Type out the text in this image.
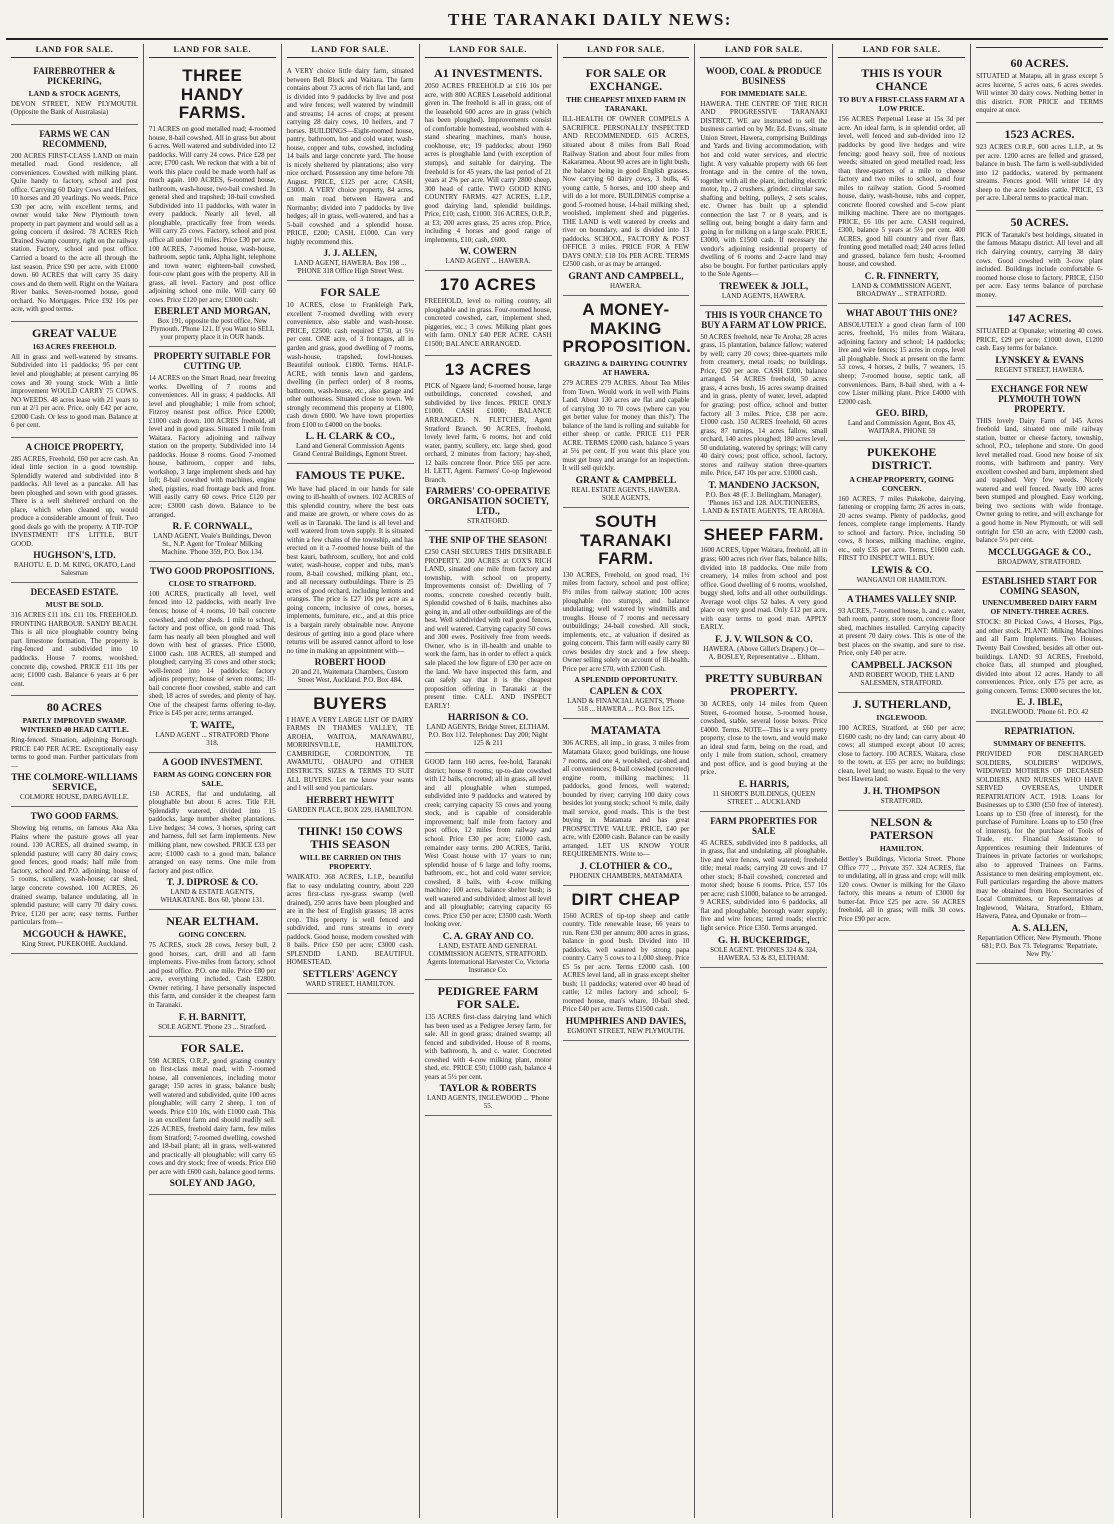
THE TARANAKI DAILY NEWS:
LAND FOR SALE.
FAIREBROTHER & PICKERING,
LAND & STOCK AGENTS,
DEVON STREET, NEW PLYMOUTH. (Opposite the Bank of Australasia)
FARMS WE CAN RECOMMEND,
200 ACRES FIRST-CLASS LAND on main metalled road. Good residence, all conveniences. Cowshed with milking plant. Quite handy to factory, school and post office. Carrying 60 Dairy Cows and Heifers, 10 horses and 20 yearlings. No weeds. Price £30 per acre, with excellent terms, and owner would take New Plymouth town property in part payment and would sell as a going concern if desired. 78 ACRES Rich Drained Swamp country, right on the railway station. Factory, school and post office. Carried a board to the acre all through the last season. Price £90 per acre, with £1000 down. 60 ACRES that will carry 35 dairy cows and do them well. Right on the Waitara River banks. Seven-roomed house, good orchard. No Mortgages. Price £92 10s per acre, with good terms.
GREAT VALUE
163 ACRES FREEHOLD.
All in grass and well-watered by streams. Subdivided into 11 paddocks; 95 per cent level and ploughable; at present carrying 86 cows and 30 young stock. With a little improvement WOULD CARRY 75 COWS. NO WEEDS. 48 acres lease with 21 years to run at 2/1 per acre. Price, only £42 per acre, £2000 Cash. Or less to good man. Balance at 6 per cent.
A CHOICE PROPERTY,
285 ACRES, Freehold, £60 per acre cash. An ideal little section in a good township. Splendidly watered and subdivided into 8 paddocks. All level as a pancake. All has been ploughed and sown with good grasses. There is a well sheltered orchard on the place, which when cleaned up, would produce a considerable amount of fruit. Two good deals go with the property. A TIP-TOP INVESTMENT! IT'S LITTLE, BUT GOOD.
HUGHSON'S, LTD.
RAHOTU. E. D. M. KING, OKATO, Land Salesman
DECEASED ESTATE.
MUST BE SOLD.
316 ACRES £11 10s. £11 10s. FREEHOLD. FRONTING HARBOUR. SANDY BEACH. This is all nice ploughable country being part limestone formation. The property is ring-fenced and subdivided into 10 paddocks. House 7 rooms, woolshed, concrete dip, cowshed. PRICE £11 10s per acre; £1000 cash. Balance 6 years at 6 per cent.
80 ACRES
PARTLY IMPROVED SWAMP. WINTERED 40 HEAD CATTLE.
Ring-fenced. Situation, adjoining Borough. PRICE £40 PER ACRE. Exceptionally easy terms to good man. Further particulars from—
THE COLMORE-WILLIAMS SERVICE,
COLMORE HOUSE, DARGAVILLE.
TWO GOOD FARMS.
Showing big returns, on famous Aka Aka Plains where the pasture grows all year round. 130 ACRES, all drained swamp, in splendid pasture; will carry 80 dairy cows; good fences, good roads; half mile from factory, school and P.O. adjoining; house of 5 rooms, scullery, wash-house; car shed, large concrete cowshed. 100 ACRES, 26 drained swamp, balance undulating, all in splendid pasture; will carry 70 dairy cows. Price, £120 per acre; easy terms. Further particulars from—
MCGOUCH & HAWKE,
King Street, PUKEKOHE. Auckland.
LAND FOR SALE.
THREE HANDY FARMS.
71 ACRES on good metalled road; 4-roomed house, 8-bail cowshed. All in grass but about 6 acres. Well watered and subdivided into 12 paddocks. Will carry 24 cows. Price £28 per acre; £700 cash. We reckon that with a bit of work this place could be made worth half as much again. 100 ACRES, 6-roomed house, bathroom, wash-house, two-bail cowshed. In general shed and trapshed; 18-bail cowshed. Subdivided into 11 paddocks, with water in every paddock. Nearly all level, all ploughable, practically free from weeds. Will carry 25 cows. Factory, school and post office all under 1½ miles. Price £30 per acre. 100 ACRES, 7-roomed house, wash-house, bathroom, septic tank, Alpha light, telephone and town water; eighteen-bail cowshed, four-cow plant goes with the property. All in grass, all level. Factory and post office adjoining school one mile. Will carry 60 cows. Price £120 per acre; £3000 cash.
EBERLET AND MORGAN,
Box 191, opposite the post office, New Plymouth. 'Phone 121. If you Want to SELL your property place it in OUR hands.
PROPERTY SUITABLE FOR CUTTING UP.
14 ACRES on the Smart Road, near freezing works. Dwelling of 7 rooms and conveniences. All in grass; 4 paddocks. All level and ploughable; 1 mile from school; Fitzroy nearest post office. Price £2000; £1000 cash down. 100 ACRES freehold, all level and in good grass. Situated 1 mile from Waitara. Factory adjoining and railway station on the property. Subdivided into 14 paddocks. House 8 rooms. Good 7-roomed house, bathroom, copper and tubs, workshop, 3 large implement sheds and hay loft; 8-bail cowshed with machines, engine shed, pigsties, road frontage back and front. Will easily carry 60 cows. Price £120 per acre; £3000 cash down. Balance to be arranged.
R. F. CORNWALL,
LAND AGENT, Veale's Buildings, Devon St., N.P. Agent for 'Trolear' Milking Machine. 'Phone 359, P.O. Box 134.
TWO GOOD PROPOSITIONS.
CLOSE TO STRATFORD.
100 ACRES, practically all level, well fenced into 12 paddocks, with nearly live fences; house of 4 rooms, 10 bail concrete cowshed, and other sheds. 1 mile to school, factory and post office, on good road. This farm has nearly all been ploughed and well down with best of grasses. Price £5000, £1000 cash. 108 ACRES, all stumped and ploughed; carrying 35 cows and other stock; well-fenced into 14 paddocks; factory adjoins property; house of seven rooms; 10-bail concrete floor cowshed, stable and cart shed; 18 acres of swedes, and plenty of hay. One of the cheapest farms offering to-day. Price is £45 per acre; terms arranged.
T. WAITE,
LAND AGENT ... STRATFORD 'Phone 318.
A GOOD INVESTMENT.
FARM AS GOING CONCERN FOR SALE.
150 ACRES, flat and undulating, all ploughable but about 6 acres. Title F.H. Splendidly watered, divided into 15 paddocks, large number shelter plantations. Live hedges; 34 cows, 3 horses, spring cart and harness, full set farm implements. New milking plant, new cowshed. PRICE £33 per acre; £1000 cash to a good man, balance arranged on easy terms. One mile from factory and post office.
T. J. DIPROSE & CO.
LAND & ESTATE AGENTS, WHAKATANE. Box 60, 'phone 131.
NEAR ELTHAM.
GOING CONCERN.
75 ACRES, stock 28 cows, Jersey bull, 2 good horses, cart, drill and all farm implements. Five-miles from factory, school and post office. P.O. one mile. Price £80 per acre, everything included. Cash £2800. Owner retiring. I have personally inspected this farm, and consider it the cheapest farm in Taranaki.
F. H. BARNITT,
SOLE AGENT. 'Phone 23 ... Stratford.
FOR SALE.
598 ACRES, O.R.P., good grazing country on first-class metal road, with 7-roomed house, all conveniences, including motor garage; 150 acres in grass, balance bush; well watered and subdivided, quite 100 acres ploughable; will carry 2 sheep, 1 ton of weeds. Price £10 10s, with £1000 cash. This is an excellent farm and should readily sell. 226 ACRES, freehold dairy farm, few miles from Stratford; 7-roomed dwelling, cowshed and 18-bail plant; all in grass, well-watered and practically all ploughable; will carry 65 cows and dry stock; free of weeds. Price £60 per acre with £600 cash, balance good terms.
SOLEY AND JAGO,
LAND FOR SALE.
A VERY choice little dairy farm, situated between Bell Block and Waitara. The farm contains about 73 acres of rich flat land, and is divided into 9 paddocks by live and post and wire fences; well watered by windmill and streams; 14 acres of crops; at present carrying 28 dairy cows, 10 heifers, and 7 horses. BUILDINGS—Eight-roomed house, pantry, bathroom, hot and cold water, wash-house, copper and tubs, cowshed, including 14 bails and large concrete yard. The house is nicely sheltered by plantations; also very nice orchard. Possession any time before 7th August. PRICE, £125 per acre; CASH, £3000. A VERY choice property, 84 acres, on main road between Hawera and Normanby; divided into 7 paddocks by live hedges; all in grass, well-watered, and has a 5-bail cowshed and a splendid house. PRICE, £200; CASH, £1000. Can very highly recommend this.
J. J. ALLEN,
LAND AGENT, HAWERA. Box 198 ... 'PHONE 318 Office High Street West.
FOR SALE
10 ACRES, close to Frankleigh Park, excellent 7-roomed dwelling with every convenience, also stable and wash-house. PRICE, £2500; cash required £750, at 5½ per cent. ONE acre, of 3 frontages, all in garden and grass, good dwelling of 7 rooms, wash-house, trapshed, fowl-houses. Beautiful outlook. £1800. Terms. HALF-ACRE, with tennis lawn and gardens, dwelling (in perfect order) of 8 rooms, bathroom, wash-house, etc., also garage and other outhouses. Situated close to town. We strongly recommend this property at £1800, cash down £600. We have town properties from £100 to £4000 on the books.
L. H. CLARK & CO.,
Land and General Commission Agents Grand Central Buildings, Egmont Street.
FAMOUS TE PUKE.
We have had placed in our hands for sale owing to ill-health of owners. 102 ACRES of this splendid country, where the best oats and maize are grown, or where cows do as well as in Taranaki. The land is all level and well watered from town supply. It is situated within a few chains of the township, and has erected on it a 7-roomed house built of the best kauri, bathroom, scullery, hot and cold water, wash-house, copper and tubs, man's room, 8-bail cowshed, milking plant, etc., and all necessary outbuildings. There is 25 acres of good orchard, including lemons and oranges. The price is £27 10s per acre as a going concern, inclusive of cows, horses, implements, furniture, etc., and at this price is a bargain rarely obtainable now. Anyone desirous of getting into a good place where returns will be assured cannot afford to lose no time in making an appointment with—
ROBERT HOOD
20 and 21, Waitemata Chambers, Custom Street West, Auckland. P.O. Box 484.
BUYERS
I HAVE A VERY LARGE LIST OF DAIRY FARMS IN THAMES VALLEY, TE AROHA, WAITOA, MANAWARU, MORRINSVILLE, HAMILTON, CAMBRIDGE, CORDONTON, TE AWAMUTU, OHAUPO and OTHER DISTRICTS. SIZES & TERMS TO SUIT ALL BUYERS. Let me know your wants and I will send you particulars.
HERBERT HEWITT
GARDEN PLACE, BOX 229, HAMILTON.
THINK! 150 COWS THIS SEASON
WILL BE CARRIED ON THIS PROPERTY.
WAIKATO. 368 ACRES, L.I.P., beautiful flat to easy undulating country, about 220 acres first-class rye-grass swamp (well drained), 250 acres have been ploughed and are in the best of English grasses; 18 acres crop. This property is well fenced and subdivided, and runs streams in every paddock. Good house, modern cowshed with 8 bails. Price £50 per acre; £3000 cash. SPLENDID LAND. BEAUTIFUL HOMESTEAD.
SETTLERS' AGENCY
WARD STREET, HAMILTON.
LAND FOR SALE.
A1 INVESTMENTS.
2050 ACRES FREEHOLD at £16 10s per acre, with 800 ACRES Leasehold additional given in. The freehold is all in grass, out of the leasehold 600 acres are in grass (which has been ploughed). Improvements consist of comfortable homestead, woolshed with 4-stand shearing machines, man's house, cookhouse, etc; 19 paddocks; about 1960 acres is ploughable land (with exception of stumps), and suitable for dairying. The freehold is for 45 years, the last period of 21 years at 2% per acre. Will carry 2800 sheep, 300 head of cattle. TWO GOOD KING COUNTRY FARMS. 427 ACRES, L.I.P., good dairying land, splendid buildings. Price, £10; cash, £1000. 316 ACRES, O.R.P., at £3; 200 acres grass, 25 acres crop. Price, including 4 horses and good range of implements, £10; cash, £600.
W. COWERN
LAND AGENT ... HAWERA.
170 ACRES
FREEHOLD, level to rolling country, all ploughable and in grass. Four-roomed house, concreted cowshed, cart, implement shed, piggeries, etc.; 3 cows. Milking plant goes with farm. ONLY £40 PER ACRE. CASH £1500; BALANCE ARRANGED.
13 ACRES
PICK of Ngaere land; 6-roomed house, large outbuildings, concreted cowshed, and subdivided by live fences. PRICE ONLY £1000. CASH £1000; BALANCE ARRANGED. N. FLETCHER, Agent Stratford Branch. 90 ACRES, freehold, lovely level farm, 6 rooms, hot and cold water, pantry, scullery, etc. large shed, good orchard, 2 minutes from factory; hay-shed, 12 bails concrete floor. Price £65 per acre. H. LETT, Agent. Farmers' Co-op Inglewood Branch.
FARMERS' CO-OPERATIVE ORGANISATION SOCIETY, LTD.,
STRATFORD.
THE SNIP OF THE SEASON!
£250 CASH SECURES THIS DESIRABLE PROPERTY. 200 ACRES at COX'S RICH LAND, situated one mile from factory and township, with school on property. Improvements consist of: Dwelling of 7 rooms, concrete cowshed recently built. Splendid cowshed of 6 bails, machines also going in, and all other outbuildings are of the best. Well subdivided with real good fences, and well watered. Carrying capacity 50 cows and 300 ewes. Positively free from weeds. Owner, who is in ill-health and unable to work the farm, has in order to effect a quick sale placed the low figure of £30 per acre on the land. We have inspected this farm, and can safely say that it is the cheapest proposition offering in Taranaki at the present time. CALL AND INSPECT EARLY!
HARRISON & CO.
LAND AGENTS, Bridge Street, ELTHAM. P.O. Box 112. Telephones: Day 200; Night 125 & 211
GOOD farm 160 acres, fee-hold, Taranaki district; house 8 rooms; up-to-date cowshed with 12 bails, concreted; all in grass, all level and all ploughable when stumped, subdivided into 9 paddocks and watered by creek; carrying capacity 55 cows and young stock, and is capable of considerable improvement; half mile from factory and post office, 12 miles from railway and school. Price £30 per acre; £1000 cash, remainder easy terms. 200 ACRES, Tariki, West Coast house with 17 years to run; splendid house of 6 large and lofty rooms, bathroom, etc., hot and cold water service; cowshed, 8 bails, with 4-cow milking machine; 100 acres, balance shelter bush; is well watered and subdivided; almost all level and all ploughable; carrying capacity 65 cows. Price £50 per acre; £3500 cash. Worth looking over.
C. A. GRAY AND CO.
LAND, ESTATE AND GENERAL COMMISSION AGENTS, STRATFORD. Agents International Harvester Co, Victoria Insurance Co.
PEDIGREE FARM FOR SALE.
135 ACRES first-class dairying land which has been used as a Pedigree Jersey farm, for sale. All in good grass; drained swamp; all fenced and subdivided. House of 8 rooms, with bathroom, h. and c. water. Concreted cowshed with 4-cow milking plant, motor shed, etc. PRICE £50; £1000 cash, balance 4 years at 5½ per cent.
TAYLOR & ROBERTS
LAND AGENTS, INGLEWOOD ... 'Phone 55.
LAND FOR SALE.
FOR SALE OR EXCHANGE.
THE CHEAPEST MIXED FARM IN TARANAKI.
ILL-HEALTH OF OWNER COMPELS A SACRIFICE. PERSONALLY INSPECTED AND RECOMMENDED. 615 ACRES, situated about 8 miles from Ball Road Railway Station and about four miles from Kakaramea. About 90 acres are in light bush, the balance being in good English grasses. Now carrying 60 dairy cows, 3 bulls, 45 young cattle, 5 horses, and 100 sheep and will do a lot more. BUILDINGS comprise a good 5-roomed house, 14-bail milking shed, woolshed, implement shed and piggeries. THE LAND is well watered by creeks and river on boundary, and is divided into 13 paddocks. SCHOOL, FACTORY & POST OFFICE 3 miles. PRICE FOR A FEW DAYS ONLY: £18 10s PER ACRE. TERMS £2500 cash, or as may be arranged.
GRANT AND CAMPBELL,
HAWERA.
A MONEY-MAKING PROPOSITION.
GRAZING & DAIRYING COUNTRY AT HAWERA.
279 ACRES 279 ACRES. About Ten Miles from Town. Would work in well with Plains Land. About 130 acres are flat and capable of carrying 30 to 70 cows (where can you get better value for money than this?). The balance of the land is rolling and suitable for either sheep or cattle. PRICE £11 PER ACRE. TERMS £2000 cash, balance 5 years at 5½ per cent. If you want this place you must get busy and arrange for an inspection. It will sell quickly.
GRANT & CAMPBELL
REAL ESTATE AGENTS, HAWERA. SOLE AGENTS.
SOUTH TARANAKI FARM.
130 ACRES, Freehold, on good road, 1½ miles from factory, school and post office; 8½ miles from railway station; 100 acres ploughable (no stumps), and balance undulating; well watered by windmills and troughs. House of 7 rooms and necessary outbuildings; 24-bail cowshed. All stock, implements, etc., at valuation if desired as going concern. This farm will easily carry 80 cows besides dry stock and a few sheep. Owner selling solely on account of ill-health. Price per acre £70, with £2000 Cash.
A SPLENDID OPPORTUNITY.
CAPLEN & COX
LAND & FINANCIAL AGENTS, 'Phone 518 ... HAWERA ... P.O. Box 125.
MATAMATA
306 ACRES, all imp., in grass, 3 miles from Matamata Glaxo; good buildings, one house 7 rooms, and one 4, woolshed, car-shed and all conveniences; 8-bail cowshed (concreted) engine room, milking machines; 11 paddocks, good fences, well watered; bounded by river; carrying 100 dairy cows besides lot young stock; school ½ mile, daily mail service, good roads. This is the best buying in Matamata and has great PROSPECTIVE VALUE. PRICE, £40 per acre, with £2000 cash. Balance can be easily arranged. LET US KNOW YOUR REQUIREMENTS. Write to—
J. CLOTHIER & CO.,
PHOENIX CHAMBERS, MATAMATA
DIRT CHEAP
1560 ACRES of tip-top sheep and cattle country. Title renewable lease, 66 years to run. Rent £30 per annum; 800 acres in grass, balance in good bush. Divided into 10 paddocks, well watered by strong papa country. Carry 5 cows to a 1,000 sheep. Price £5 5s per acre. Terms £2000 cash. 100 ACRES level land, all in grass except shelter bush; 11 paddocks; watered over 40 head of cattle; 12 miles factory and school; 6-roomed house, man's whare, 10-bail shed. Price £40 per acre. Terms £1500 cash.
HUMPHRIES AND DAVIES,
EGMONT STREET, NEW PLYMOUTH.
LAND FOR SALE.
WOOD, COAL & PRODUCE BUSINESS
FOR IMMEDIATE SALE.
HAWERA. THE CENTRE OF THE RICH AND PROGRESSIVE TARANAKI DISTRICT. WE are instructed to sell the business carried on by Mr. Ed. Evans, situate Union Street, Hawera, comprising Buildings and Yards and living accommodation, with hot and cold water services, and electric light. A very valuable property with 66 feet frontage and in the centre of the town, together with all the plant, including electric motor, hp., 2 crushers, grinder, circular saw, shafting and belting, pulleys, 2 sets scales, etc. Owner has built up a splendid connection the last 7 or 8 years, and is selling out, being bought a dairy farm and going in for milking on a large scale. PRICE, £3000, with £1500 cash. If necessary the vendor's adjoining residential property of dwelling of 6 rooms and 2-acre land may also be bought. For further particulars apply to the Sole Agents—
TREWEEK & JOLL,
LAND AGENTS, HAWERA.
THIS IS YOUR CHANCE TO BUY A FARM AT LOW PRICE.
50 ACRES freehold, near Te Aroha; 28 acres grass, 15 plantation, balance fallow; watered by well; carry 20 cows; three-quarters mile from creamery, metal roads; no buildings. Price, £50 per acre. CASH £300, balance arranged. 54 ACRES freehold, 50 acres grass, 4 acres bush, 16 acres swamp drained and in grass, plenty of water, level, adapted for grazing; post office, school and butter factory all 3 miles. Price, £38 per acre. £1000 cash. 150 ACRES freehold, 60 acres grass, 87 turnips, 14 acres fallow, small orchard, 140 acres ploughed; 180 acres level, 50 undulating, watered by springs; will carry 40 dairy cows; post office, school, factory, stores and railway station three-quarters mile. Price, £47 10s per acre. £1000 cash.
T. MANDENO JACKSON,
P.O. Box 48 (F. J. Bellingham, Manager). 'Phones 163 and 128. AUCTIONEERS, LAND & ESTATE AGENTS, TE AROHA.
SHEEP FARM.
1600 ACRES, Upper Waitara, freehold, all in grass; 600 acres rich river flats, balance hills, divided into 18 paddocks. One mile from creamery, 14 miles from school and post office. Good dwelling of 6 rooms, woolshed, buggy shed, lofts and all other outbuildings. Average wool clips 52 bales. A very good place on very good road. Only £12 per acre, with easy terms to good man. APPLY EARLY.
F. J. V. WILSON & CO.
HAWERA. (Above Gillet's Drapery.) Or— A. BOSLEY, Representative ... Eltham.
PRETTY SUBURBAN PROPERTY.
30 ACRES, only 14 miles from Queen Street, 6-roomed house, 5-roomed house, cowshed, stable, several loose boxes. Price £4000. Terms. NOTE—This is a very pretty property, close to the town, and would make an ideal stud farm, being on the road, and only 1 mile from station, school, creamery and post office, and is good buying at the price.
E. HARRIS,
11 SHORT'S BUILDINGS, QUEEN STREET ... AUCKLAND
FARM PROPERTIES FOR SALE
45 ACRES, subdivided into 8 paddocks, all in grass, flat and undulating, all ploughable, live and wire fences, well watered; freehold title; metal roads; carrying 20 cows and 17 other stock; 8-bail cowshed, concreted and motor shed; house 6 rooms. Price, £57 10s per acre; cash £1000, balance to be arranged. 9 ACRES, subdivided into 6 paddocks, all flat and ploughable; borough water supply; live and wire fences; tarred roads; electric light service. Price £350. Terms arranged.
G. H. BUCKERIDGE,
SOLE AGENT. 'PHONES 324 & 324, HAWERA. 53 & 83, ELTHAM.
LAND FOR SALE.
THIS IS YOUR CHANCE
TO BUY A FIRST-CLASS FARM AT A LOW PRICE.
156 ACRES Perpetual Lease at 15s 3d per acre. An ideal farm, is in splendid order, all level, well fenced and sub-divided into 12 paddocks by good live hedges and wire fencing; good heavy soil, free of noxious weeds; situated on good metalled road; less than three-quarters of a mile to cheese factory and two miles to school, and four miles to railway station. Good 5-roomed house, dairy, wash-house, tubs and copper, concrete floored cowshed and 5-cow plant milking machine. There are no mortgages. PRICE, £6 10s per acre. CASH required, £300, balance 5 years at 5½ per cent. 400 ACRES, good hill country and river flats, fronting good metalled road; 240 acres felled and grassed, balance fern bush; 4-roomed house, and cowshed.
C. R. FINNERTY,
LAND & COMMISSION AGENT, BROADWAY ... STRATFORD.
WHAT ABOUT THIS ONE?
ABSOLUTELY a good clean farm of 100 acres, freehold, 1½ miles from Waitara, adjoining factory and school; 14 paddocks; live and wire fences; 15 acres in crops, level all ploughable. Stock at present on the farm: 53 cows, 4 horses, 2 bulls, 7 weaners, 15 sheep; 7-roomed house, septic tank, all conveniences. Barn, 8-bail shed, with a 4-cow Lister milking plant. Price £4000 with £2000 cash.
GEO. BIRD,
Land and Commission Agent, Box 43, WAITARA. PHONE 59
PUKEKOHE DISTRICT.
A CHEAP PROPERTY, GOING CONCERN.
160 ACRES, 7 miles Pukekohe, dairying, fattening or cropping farm; 26 acres in oats, 20 acres swamp. Plenty of paddocks, good fences, complete range implements. Handy to school and factory. Price, including 50 cows, 8 horses, milking machine, engine, etc., only £35 per acre. Terms, £1600 cash. FIRST TO INSPECT WILL BUY.
LEWIS & CO.
WANGANUI OR HAMILTON.
A THAMES VALLEY SNIP.
93 ACRES, 7-roomed house, h. and c. water, bath room, pantry, store room, concrete floor shed, machines installed. Carrying capacity at present 70 dairy cows. This is one of the best places on the swamp, and sure to rise. Price, only £40 per acre.
CAMPBELL JACKSON
AND ROBERT WOOD, THE LAND SALESMEN, STRATFORD.
J. SUTHERLAND,
INGLEWOOD.
100 ACRES, Stratford, at £60 per acre; £1600 cash; no dry land; can carry about 40 cows; all stumped except about 10 acres; close to factory. 100 ACRES, Waitara, close to the town, at £55 per acre; no buildings; clean, level land; no waste. Equal to the very best Hawera land.
J. H. THOMPSON
STRATFORD.
NELSON & PATERSON
HAMILTON.
Bettley's Buildings, Victoria Street. 'Phone Office 777 ... Private 357. 324 ACRES, flat to undulating, all in grass and crop; will milk 120 cows. Owner is milking for the Glaxo factory, this means a return of £3000 for butter-fat. Price £25 per acre. 56 ACRES freehold, all in grass; will milk 30 cows. Price £90 per acre.
60 ACRES.
SITUATED at Matapu, all in grass except 5 acres lucerne, 5 acres oats, 6 acres swedes. Will winter 30 dairy cows. Nothing better in this district. FOR PRICE and TERMS enquire at once.
1523 ACRES.
923 ACRES O.R.P., 600 acres L.I.P., at 9s per acre. 1200 acres are felled and grassed, balance in bush. The farm is well-subdivided into 12 paddocks, watered by permanent streams. Fences good. Will winter 14 dry sheep to the acre besides cattle. PRICE, £3 per acre. Liberal terms to practical man.
50 ACRES.
PICK of Taranaki's best holdings, situated in the famous Matapu district. All level and all rich dairying country, carrying 38 dairy cows. Good cowshed with 3-cow plant included. Buildings include comfortable 6-roomed house close to factory. PRICE, £150 per acre. Easy terms balance of purchase money.
147 ACRES.
SITUATED at Opunake; wintering 40 cows. PRICE, £29 per acre; £1000 down, £1200 cash. Easy terms for balance.
LYNSKEY & EVANS
REGENT STREET, HAWERA.
EXCHANGE FOR NEW PLYMOUTH TOWN PROPERTY.
THIS lovely Dairy Farm of 145 Acres freehold land, situated one mile railway station, butter or cheese factory, township, school, P.O., telephone and store. On good level metalled road. Good new house of six rooms, with bathroom and pantry. Very excellent cowshed and barn, implement shed and trapshed. Very few weeds. Nicely watered and well fenced. Nearly 100 acres been stumped and ploughed. Easy working, being two sections with wide frontage. Owner going to retire, and will exchange for a good home in New Plymouth, or will sell outright for £50 an acre, with £2000 cash, balance 5½ per cent.
MCCLUGGAGE & CO.,
BROADWAY, STRATFORD.
ESTABLISHED START FOR COMING SEASON,
UNENCUMBERED DAIRY FARM OF NINETY-THREE ACRES.
STOCK: 80 Picked Cows, 4 Horses, Pigs, and other stock. PLANT: Milking Machines and all Farm Implements. Two Houses, Twenty Bail Cowshed, besides all other out-buildings. LAND: 93 ACRES, Freehold, choice flats, all stumped and ploughed, divided into about 12 acres. Handy to all conveniences. Price, only £75 per acre, as going concern. Terms: £3000 secures the lot.
E. J. IBLE,
INGLEWOOD. 'Phone 61. P.O. 42
REPATRIATION.
SUMMARY OF BENEFITS.
PROVIDED FOR DISCHARGED SOLDIERS, SOLDIERS' WIDOWS, WIDOWED MOTHERS OF DECEASED SOLDIERS, AND NURSES WHO HAVE SERVED OVERSEAS, UNDER REPATRIATION ACT, 1918. Loans for Businesses up to £300 (£50 free of interest). Loans up to £50 (free of interest), for the purchase of Furniture. Loans up to £50 (free of interest), for the purchase of Tools of Trade, etc. Financial Assistance to Apprentices resuming their Indentures of Trainees in private factories or workshops; also to approved Trainees on Farms. Assistance to men desiring employment, etc. Full particulars regarding the above matters may be obtained from Hon. Secretaries of Local Committees, or Representatives at Inglewood, Waitara, Stratford, Eltham, Hawera, Patea, and Opunake or from—
A. S. ALLEN,
Repatriation Officer, New Plymouth. 'Phone 681; P.O. Box 73. Telegrams: 'Repatriate, New Ply.'
